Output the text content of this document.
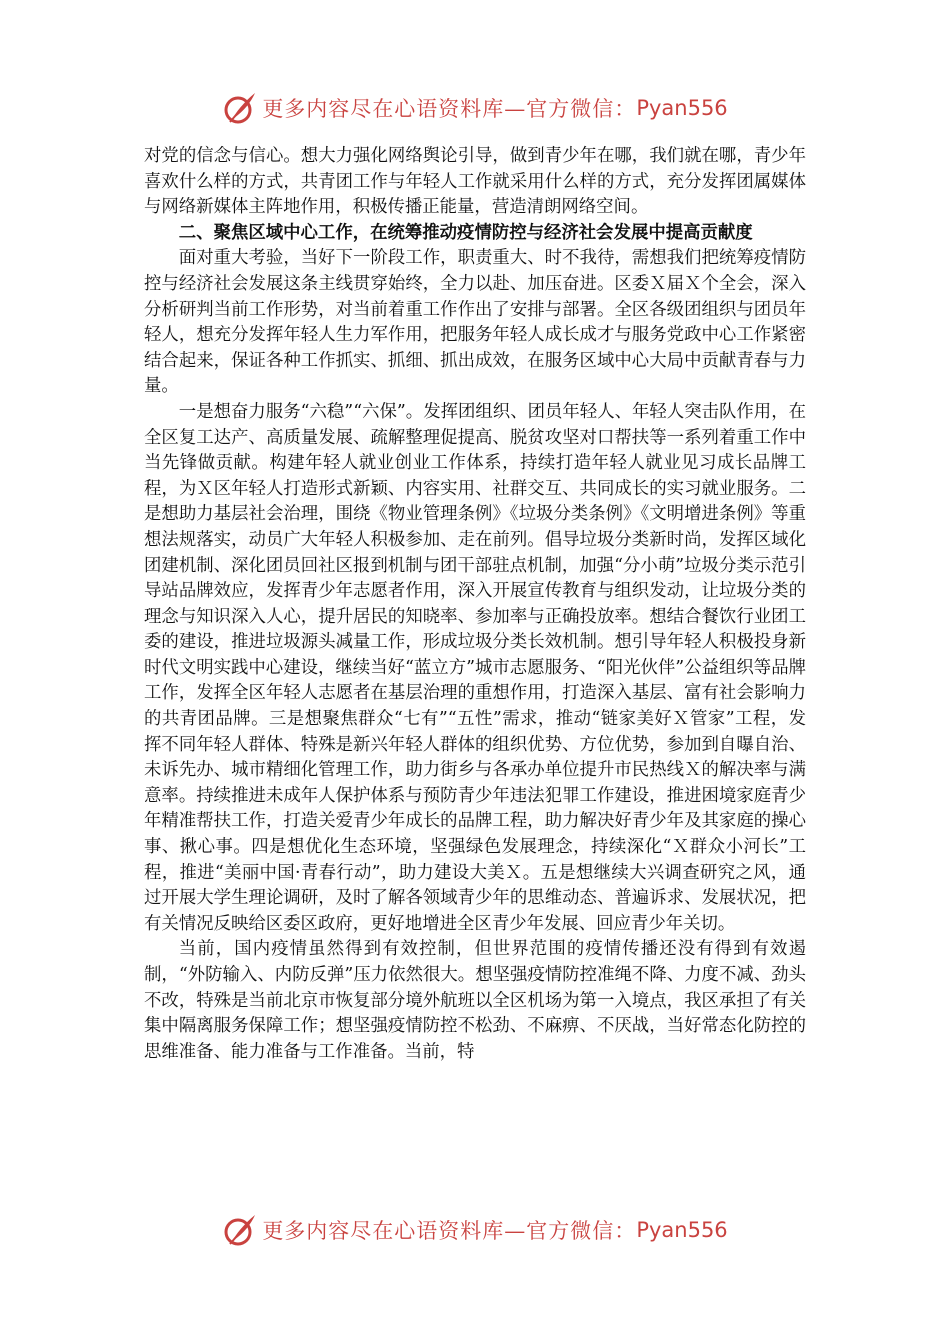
更多内容尽在心语资料库—官方微信： Pyan556

对党的信念与信心。想大力强化网络舆论引导，做到青少年在哪，我们就在哪，青少年喜欢什么样的方式，共青团工作与年轻人工作就采用什么样的方式，充分发挥团属媒体与网络新媒体主阵地作用，积极传播正能量，营造清朗网络空间。

二、聚焦区域中心工作，在统筹推动疫情防控与经济社会发展中提高贡献度

面对重大考验，当好下一阶段工作，职责重大、时不我待，需想我们把统筹疫情防控与经济社会发展这条主线贯穿始终，全力以赴、加压奋进。区委Ｘ届Ｘ个全会，深入分析研判当前工作形势，对当前着重工作作出了安排与部署。全区各级团组织与团员年轻人，想充分发挥年轻人生力军作用，把服务年轻人成长成才与服务党政中心工作紧密结合起来，保证各种工作抓实、抓细、抓出成效，在服务区域中心大局中贡献青春与力量。

一是想奋力服务“六稳”“六保”。发挥团组织、团员年轻人、年轻人突击队作用，在全区复工达产、高质量发展、疏解整理促提高、脱贫攻坚对口帮扶等一系列着重工作中当先锋做贡献。构建年轻人就业创业工作体系，持续打造年轻人就业见习成长品牌工程，为Ｘ区年轻人打造形式新颖、内容实用、社群交互、共同成长的实习就业服务。二是想助力基层社会治理，围绕《物业管理条例》《垃圾分类条例》《文明增进条例》等重想法规落实，动员广大年轻人积极参加、走在前列。倡导垃圾分类新时尚，发挥区域化团建机制、深化团员回社区报到机制与团干部驻点机制，加强“分小萌”垃圾分类示范引导站品牌效应，发挥青少年志愿者作用，深入开展宣传教育与组织发动，让垃圾分类的理念与知识深入人心，提升居民的知晓率、参加率与正确投放率。想结合餐饮行业团工委的建设，推进垃圾源头减量工作，形成垃圾分类长效机制。想引导年轻人积极投身新时代文明实践中心建设，继续当好“蓝立方”城市志愿服务、“阳光伙伴”公益组织等品牌工作，发挥全区年轻人志愿者在基层治理的重想作用，打造深入基层、富有社会影响力的共青团品牌。三是想聚焦群众“七有”“五性”需求，推动“链家美好Ｘ管家”工程，发挥不同年轻人群体、特殊是新兴年轻人群体的组织优势、方位优势，参加到自曝自治、未诉先办、城市精细化管理工作，助力街乡与各承办单位提升市民热线Ｘ的解决率与满意率。持续推进未成年人保护体系与预防青少年违法犯罪工作建设，推进困境家庭青少年精准帮扶工作，打造关爱青少年成长的品牌工程，助力解决好青少年及其家庭的操心事、揪心事。四是想优化生态环境，坚强绿色发展理念，持续深化“Ｘ群众小河长”工程，推进“美丽中国·青春行动”，助力建设大美Ｘ。五是想继续大兴调查研究之风，通过开展大学生理论调研，及时了解各领域青少年的思维动态、普遍诉求、发展状况，把有关情况反映给区委区政府，更好地增进全区青少年发展、回应青少年关切。

当前，国内疫情虽然得到有效控制，但世界范围的疫情传播还没有得到有效遏制，“外防输入、内防反弹”压力依然很大。想坚强疫情防控准绳不降、力度不减、劲头不改，特殊是当前北京市恢复部分境外航班以全区机场为第一入境点，我区承担了有关集中隔离服务保障工作；想坚强疫情防控不松劲、不麻痹、不厌战，当好常态化防控的思维准备、能力准备与工作准备。当前，特

更多内容尽在心语资料库—官方微信： Pyan556
